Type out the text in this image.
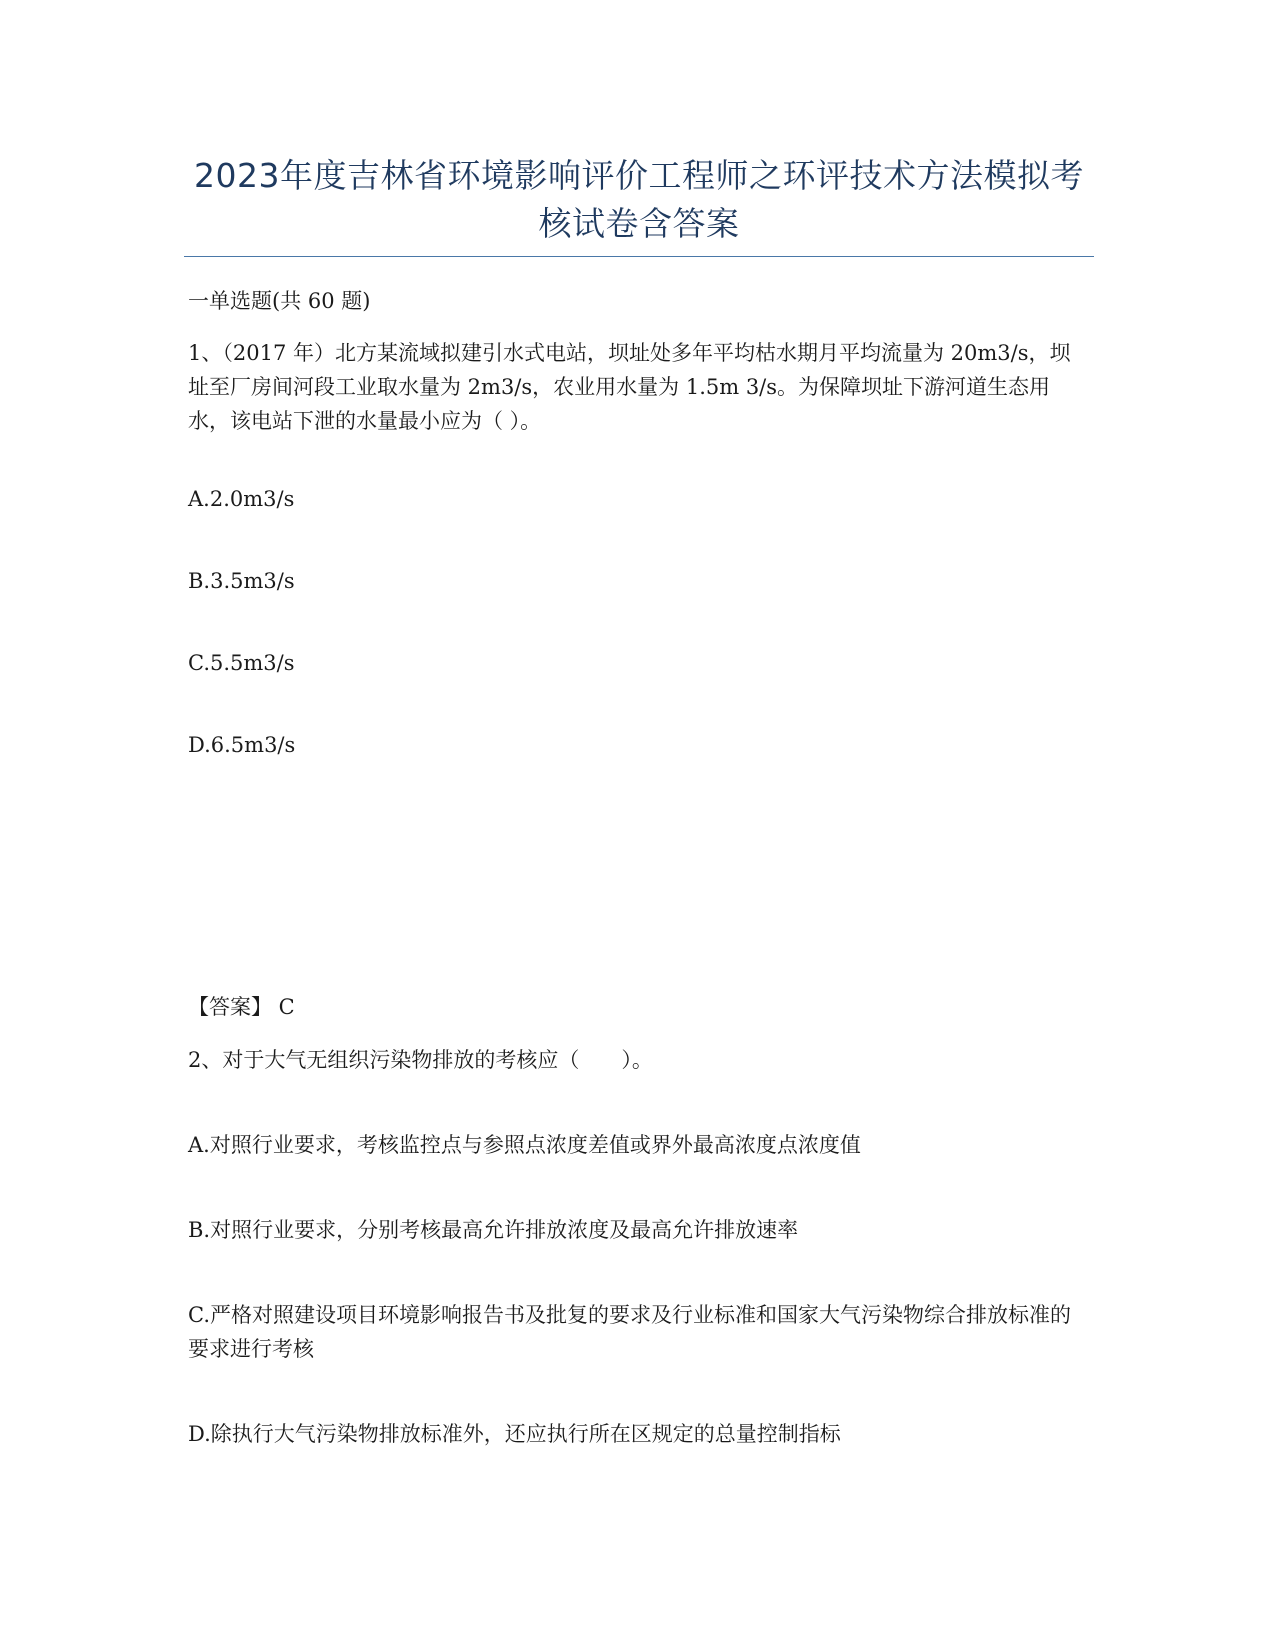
2023年度吉林省环境影响评价工程师之环评技术方法模拟考核试卷含答案
一单选题(共 60 题)
1、（2017 年）北方某流域拟建引水式电站，坝址处多年平均枯水期月平均流量为 20m3/s，坝址至厂房间河段工业取水量为 2m3/s，农业用水量为 1.5m 3/s。为保障坝址下游河道生态用水，该电站下泄的水量最小应为（ ）。
A.2.0m3/s
B.3.5m3/s
C.5.5m3/s
D.6.5m3/s
【答案】 C
2、对于大气无组织污染物排放的考核应（　　）。
A.对照行业要求，考核监控点与参照点浓度差值或界外最高浓度点浓度值
B.对照行业要求，分别考核最高允许排放浓度及最高允许排放速率
C.严格对照建设项目环境影响报告书及批复的要求及行业标准和国家大气污染物综合排放标准的要求进行考核
D.除执行大气污染物排放标准外，还应执行所在区规定的总量控制指标
